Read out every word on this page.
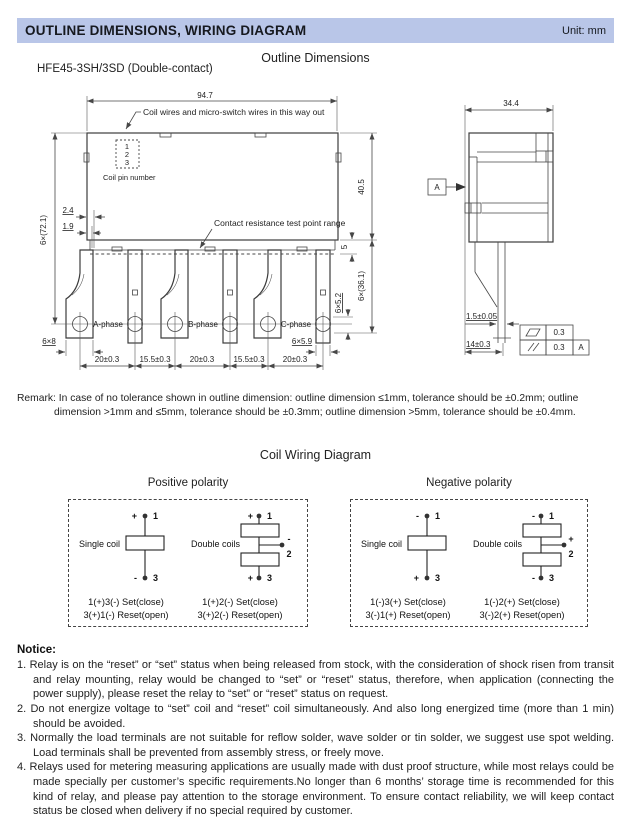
OUTLINE DIMENSIONS, WIRING DIAGRAM	Unit: mm
Outline Dimensions
HFE45-3SH/3SD (Double-contact)
A-phase	B-phase	C-phase
94.7
Coil wires and micro-switch wires in this way out
1
2
3
Coil pin number
2.4
1.9
6×(72.1)	Contact resistance test point range
40.5
5
6×(36.1)
6×5.2
6×8	6×5.9
20±0.3	15.5±0.3 20±0.3 15.5±0.3 20±0.3
34.4
A
1.5±0.05
14±0.3
0.3
0.3 A

Remark: In case of no tolerance shown in outline dimension: outline dimension ≤1mm, tolerance should be ±0.2mm; outline dimension >1mm and ≤5mm, tolerance should be ±0.3mm; outline dimension >5mm, tolerance should be ±0.4mm.

Coil Wiring Diagram
Positive polarity	Negative polarity
+ 1
- 3
Single coil
+ 1
-
2
+ 3
Double coils
1(+)3(-) Set(close)
3(+)1(-) Reset(open)
1(+)2(-) Set(close)
3(+)2(-) Reset(open)
- 1
+ 3
Single coil
- 1
+
2
- 3
Double coils
1(-)3(+) Set(close)
3(-)1(+) Reset(open)
1(-)2(+) Set(close)
3(-)2(+) Reset(open)
Notice:

1. Relay is on the “reset” or “set” status when being released from stock, with the consideration of shock risen from transit and relay mounting, relay would be changed to “set” or “reset” status, therefore, when application (connecting the power supply), please reset the relay to “set” or “reset” status on request.

2. Do not energize voltage to “set” coil and “reset” coil simultaneously. And also long energized time (more than 1 min) should be avoided.

3. Normally the load terminals are not suitable for reflow solder, wave solder or tin solder, we suggest use spot welding. Load terminals shall be prevented from assembly stress, or freely move.

4. Relays used for metering measuring applications are usually made with dust proof structure, while most relays could be made specially per customer’s specific requirements.No longer than 6 months’ storage time is recommended for this kind of relay, and please pay attention to the storage environment. To ensure contact reliability, we will keep contact status be closed when delivery if no special required by customer.
